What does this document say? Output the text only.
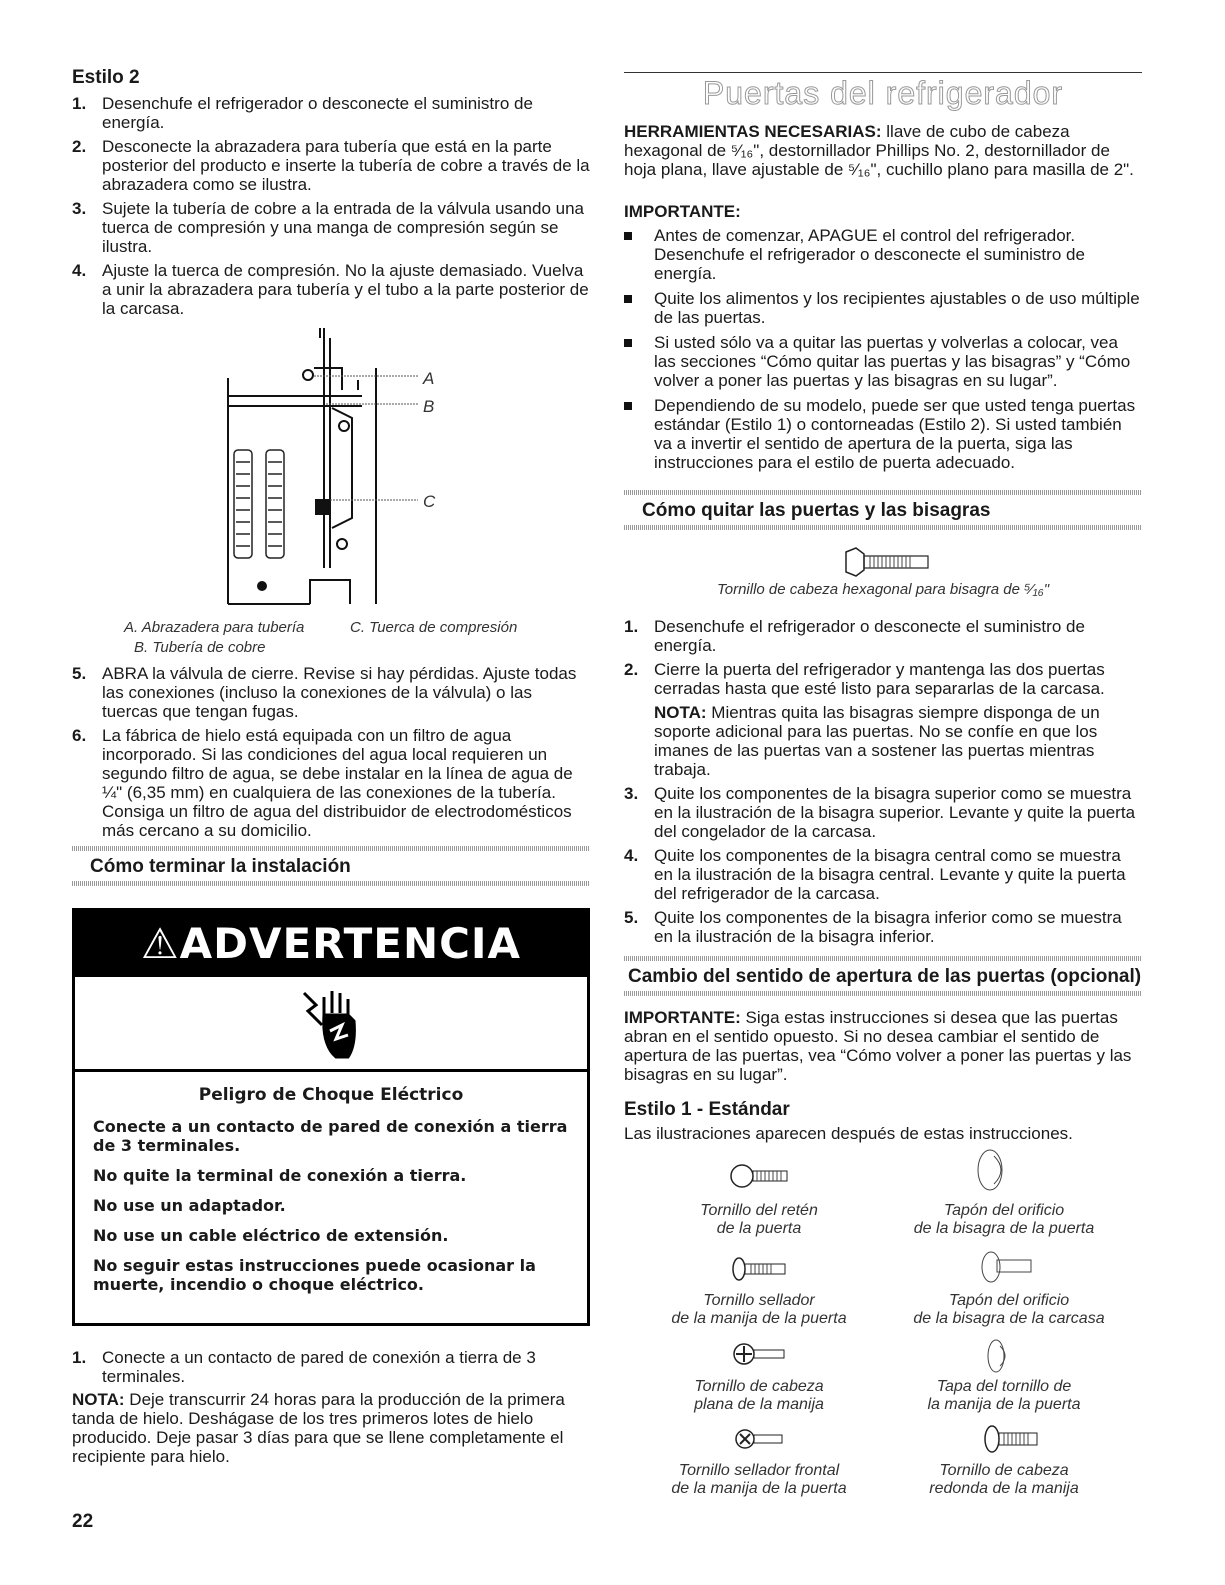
Estilo 2
1. Desenchufe el refrigerador o desconecte el suministro de energía.
2. Desconecte la abrazadera para tubería que está en la parte posterior del producto e inserte la tubería de cobre a través de la abrazadera como se ilustra.
3. Sujete la tubería de cobre a la entrada de la válvula usando una tuerca de compresión y una manga de compresión según se ilustra.
4. Ajuste la tuerca de compresión. No la ajuste demasiado. Vuelva a unir la abrazadera para tubería y el tubo a la parte posterior de la carcasa.
A
B
C
A. Abrazadera para tubería
B. Tubería de cobre
C. Tuerca de compresión
5. ABRA la válvula de cierre. Revise si hay pérdidas. Ajuste todas las conexiones (incluso la conexiones de la válvula) o las tuercas que tengan fugas.
6. La fábrica de hielo está equipada con un filtro de agua incorporado. Si las condiciones del agua local requieren un segundo filtro de agua, se debe instalar en la línea de agua de ¼" (6,35 mm) en cualquiera de las conexiones de la tubería. Consiga un filtro de agua del distribuidor de electrodomésticos más cercano a su domicilio.
Cómo terminar la instalación
⚠ADVERTENCIA
Peligro de Choque Eléctrico
Conecte a un contacto de pared de conexión a tierra de 3 terminales.
No quite la terminal de conexión a tierra.
No use un adaptador.
No use un cable eléctrico de extensión.
No seguir estas instrucciones puede ocasionar la muerte, incendio o choque eléctrico.
1. Conecte a un contacto de pared de conexión a tierra de 3 terminales.

NOTA: Deje transcurrir 24 horas para la producción de la primera tanda de hielo. Deshágase de los tres primeros lotes de hielo producido. Deje pasar 3 días para que se llene completamente el recipiente para hielo.

Puertas del refrigerador

HERRAMIENTAS NECESARIAS: llave de cubo de cabeza hexagonal de ⁵⁄₁₆", destornillador Phillips No. 2, destornillador de hoja plana, llave ajustable de ⁵⁄₁₆", cuchillo plano para masilla de 2".

IMPORTANTE:
Antes de comenzar, APAGUE el control del refrigerador. Desenchufe el refrigerador o desconecte el suministro de energía.
Quite los alimentos y los recipientes ajustables o de uso múltiple de las puertas.
Si usted sólo va a quitar las puertas y volverlas a colocar, vea las secciones “Cómo quitar las puertas y las bisagras” y “Cómo volver a poner las puertas y las bisagras en su lugar”.
Dependiendo de su modelo, puede ser que usted tenga puertas estándar (Estilo 1) o contorneadas (Estilo 2). Si usted también va a invertir el sentido de apertura de la puerta, siga las instrucciones para el estilo de puerta adecuado.
Cómo quitar las puertas y las bisagras
Tornillo de cabeza hexagonal para bisagra de ⁵⁄₁₆"
1. Desenchufe el refrigerador o desconecte el suministro de energía.
2. Cierre la puerta del refrigerador y mantenga las dos puertas cerradas hasta que esté listo para separarlas de la carcasa.

NOTA: Mientras quita las bisagras siempre disponga de un soporte adicional para las puertas. No se confíe en que los imanes de las puertas van a sostener las puertas mientras trabaja.

3. Quite los componentes de la bisagra superior como se muestra en la ilustración de la bisagra superior. Levante y quite la puerta del congelador de la carcasa.
4. Quite los componentes de la bisagra central como se muestra en la ilustración de la bisagra central. Levante y quite la puerta del refrigerador de la carcasa.
5. Quite los componentes de la bisagra inferior como se muestra en la ilustración de la bisagra inferior.
Cambio del sentido de apertura de las puertas (opcional)

IMPORTANTE: Siga estas instrucciones si desea que las puertas abran en el sentido opuesto. Si no desea cambiar el sentido de apertura de las puertas, vea “Cómo volver a poner las puertas y las bisagras en su lugar”.

Estilo 1 - Estándar
Las ilustraciones aparecen después de estas instrucciones.
Tornillo del retén
de la puerta
Tapón del orificio
de la bisagra de la puerta
Tornillo sellador
de la manija de la puerta
Tapón del orificio
de la bisagra de la carcasa
Tornillo de cabeza
plana de la manija
Tapa del tornillo de
la manija de la puerta
Tornillo sellador frontal
de la manija de la puerta
Tornillo de cabeza
redonda de la manija
22
